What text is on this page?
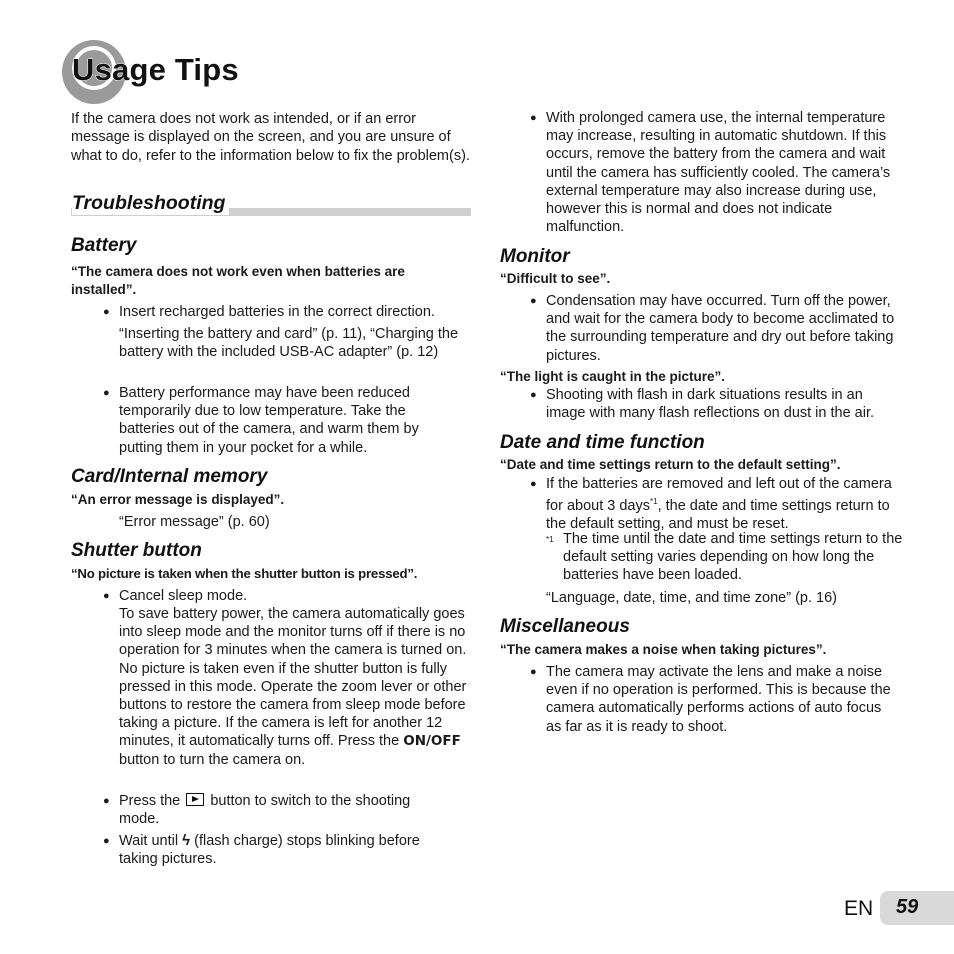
Usage Tips
If the camera does not work as intended, or if an error message is displayed on the screen, and you are unsure of what to do, refer to the information below to fix the problem(s).
Troubleshooting
Battery
“The camera does not work even when batteries are installed”.
● Insert recharged batteries in the correct direction.
“Inserting the battery and card” (p. 11), “Charging the battery with the included USB-AC adapter” (p. 12)
● Battery performance may have been reduced temporarily due to low temperature. Take the batteries out of the camera, and warm them by putting them in your pocket for a while.
Card/Internal memory
“An error message is displayed”.
“Error message” (p. 60)
Shutter button
“No picture is taken when the shutter button is pressed”.
● Cancel sleep mode.
To save battery power, the camera automatically goes into sleep mode and the monitor turns off if there is no operation for 3 minutes when the camera is turned on. No picture is taken even if the shutter button is fully pressed in this mode. Operate the zoom lever or other buttons to restore the camera from sleep mode before taking a picture. If the camera is left for another 12 minutes, it automatically turns off. Press the ON/OFF button to turn the camera on.
● Press the button to switch to the shooting mode.
● Wait until ϟ (flash charge) stops blinking before taking pictures.
● With prolonged camera use, the internal temperature may increase, resulting in automatic shutdown. If this occurs, remove the battery from the camera and wait until the camera has sufficiently cooled. The camera’s external temperature may also increase during use, however this is normal and does not indicate malfunction.
Monitor
“Difficult to see”.
● Condensation may have occurred. Turn off the power, and wait for the camera body to become acclimated to the surrounding temperature and dry out before taking pictures.
“The light is caught in the picture”.
● Shooting with flash in dark situations results in an image with many flash reflections on dust in the air.
Date and time function
“Date and time settings return to the default setting”.
● If the batteries are removed and left out of the camera for about 3 days$^{*1}$, the date and time settings return to the default setting, and must be reset.
*1 The time until the date and time settings return to the default setting varies depending on how long the batteries have been loaded.
“Language, date, time, and time zone” (p. 16)
Miscellaneous
“The camera makes a noise when taking pictures”.
● The camera may activate the lens and make a noise even if no operation is performed. This is because the camera automatically performs actions of auto focus as far as it is ready to shoot.
EN 59
